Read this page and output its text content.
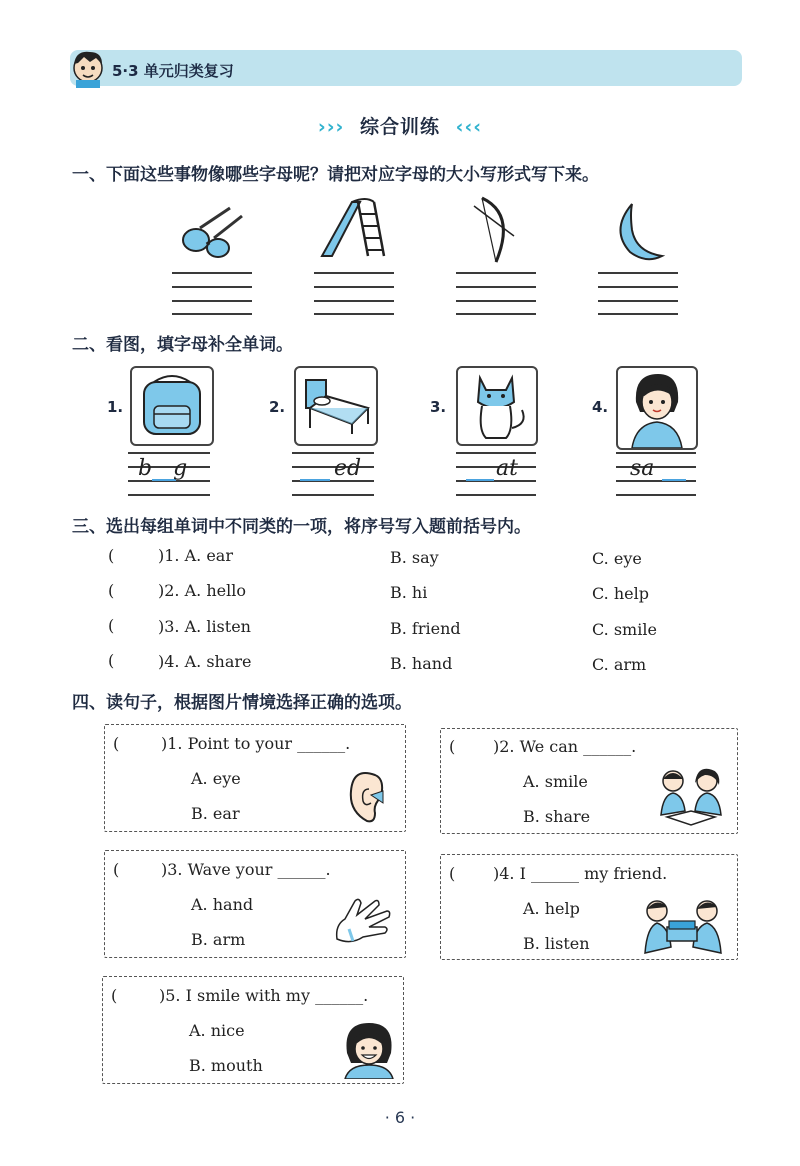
5·3 单元归类复习
››› 综合训练 ‹‹‹
一、下面这些事物像哪些字母呢？请把对应字母的大小写形式写下来。
二、看图，填字母补全单词。
1.	2.	3.	4.
b   g	ed	at	sa
三、选出每组单词中不同类的一项，将序号写入题前括号内。
(	)1. A. ear	B. say	C. eye
(	)2. A. hello	B. hi	C. help
(	)3. A. listen	B. friend	C. smile
(	)4. A. share	B. hand	C. arm
四、读句子，根据图片情境选择正确的选项。
(	)1. Point to your ______.
A. eye
B. ear
( )2. We can ______.
A. smile
B. share
(	)3. Wave your ______.
A. hand
B. arm
( )4. I ______ my friend.
A. help
B. listen
(	)5. I smile with my ______.
A. nice
B. mouth
· 6 ·
